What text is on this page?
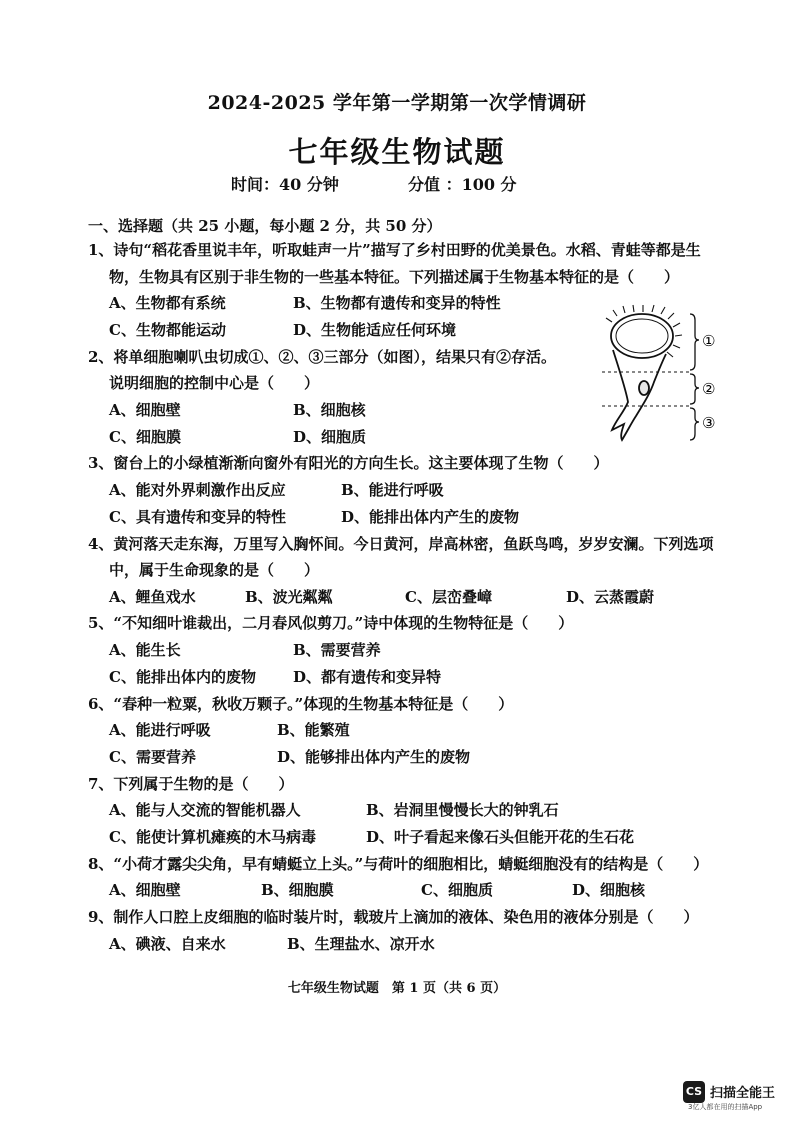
2024-2025 学年第一学期第一次学情调研
七年级生物试题
时间：40 分钟	分值 ：100 分
一、选择题（共 25 小题，每小题 2 分，共 50 分）
1、诗句“稻花香里说丰年，听取蛙声一片”描写了乡村田野的优美景色。水稻、青蛙等都是生
物，生物具有区别于非生物的一些基本特征。下列描述属于生物基本特征的是（　　）
A、生物都有系统	B、生物都有遗传和变异的特性
C、生物都能运动	D、生物能适应任何环境
2、将单细胞喇叭虫切成①、②、③三部分（如图），结果只有②存活。
说明细胞的控制中心是（　　）
A、细胞壁	B、细胞核
C、细胞膜	D、细胞质
①
②
③
3、窗台上的小绿植渐渐向窗外有阳光的方向生长。这主要体现了生物（　　）
A、能对外界刺激作出反应	B、能进行呼吸
C、具有遗传和变异的特性	D、能排出体内产生的废物
4、黄河落天走东海，万里写入胸怀间。今日黄河，岸高林密，鱼跃鸟鸣，岁岁安澜。下列选项
中，属于生命现象的是（　　）
A、鲤鱼戏水	B、波光粼粼	C、层峦叠嶂	D、云蒸霞蔚
5、“不知细叶谁裁出，二月春风似剪刀。”诗中体现的生物特征是（　　）
A、能生长	B、需要营养
C、能排出体内的废物 D、都有遗传和变异特
6、“春种一粒粟，秋收万颗子。”体现的生物基本特征是（　　）
A、能进行呼吸	B、能繁殖
C、需要营养	D、能够排出体内产生的废物
7、下列属于生物的是（　　）
A、能与人交流的智能机器人	B、岩洞里慢慢长大的钟乳石
C、能使计算机瘫痪的木马病毒	D、叶子看起来像石头但能开花的生石花
8、“小荷才露尖尖角，早有蜻蜓立上头。”与荷叶的细胞相比，蜻蜓细胞没有的结构是（　　）
A、细胞壁	B、细胞膜	C、细胞质	D、细胞核
9、制作人口腔上皮细胞的临时装片时，载玻片上滴加的液体、染色用的液体分别是（　　）
A、碘液、自来水	B、生理盐水、凉开水
七年级生物试题　第 1 页（共 6 页）
CS 扫描全能王
3亿人都在用的扫描App
